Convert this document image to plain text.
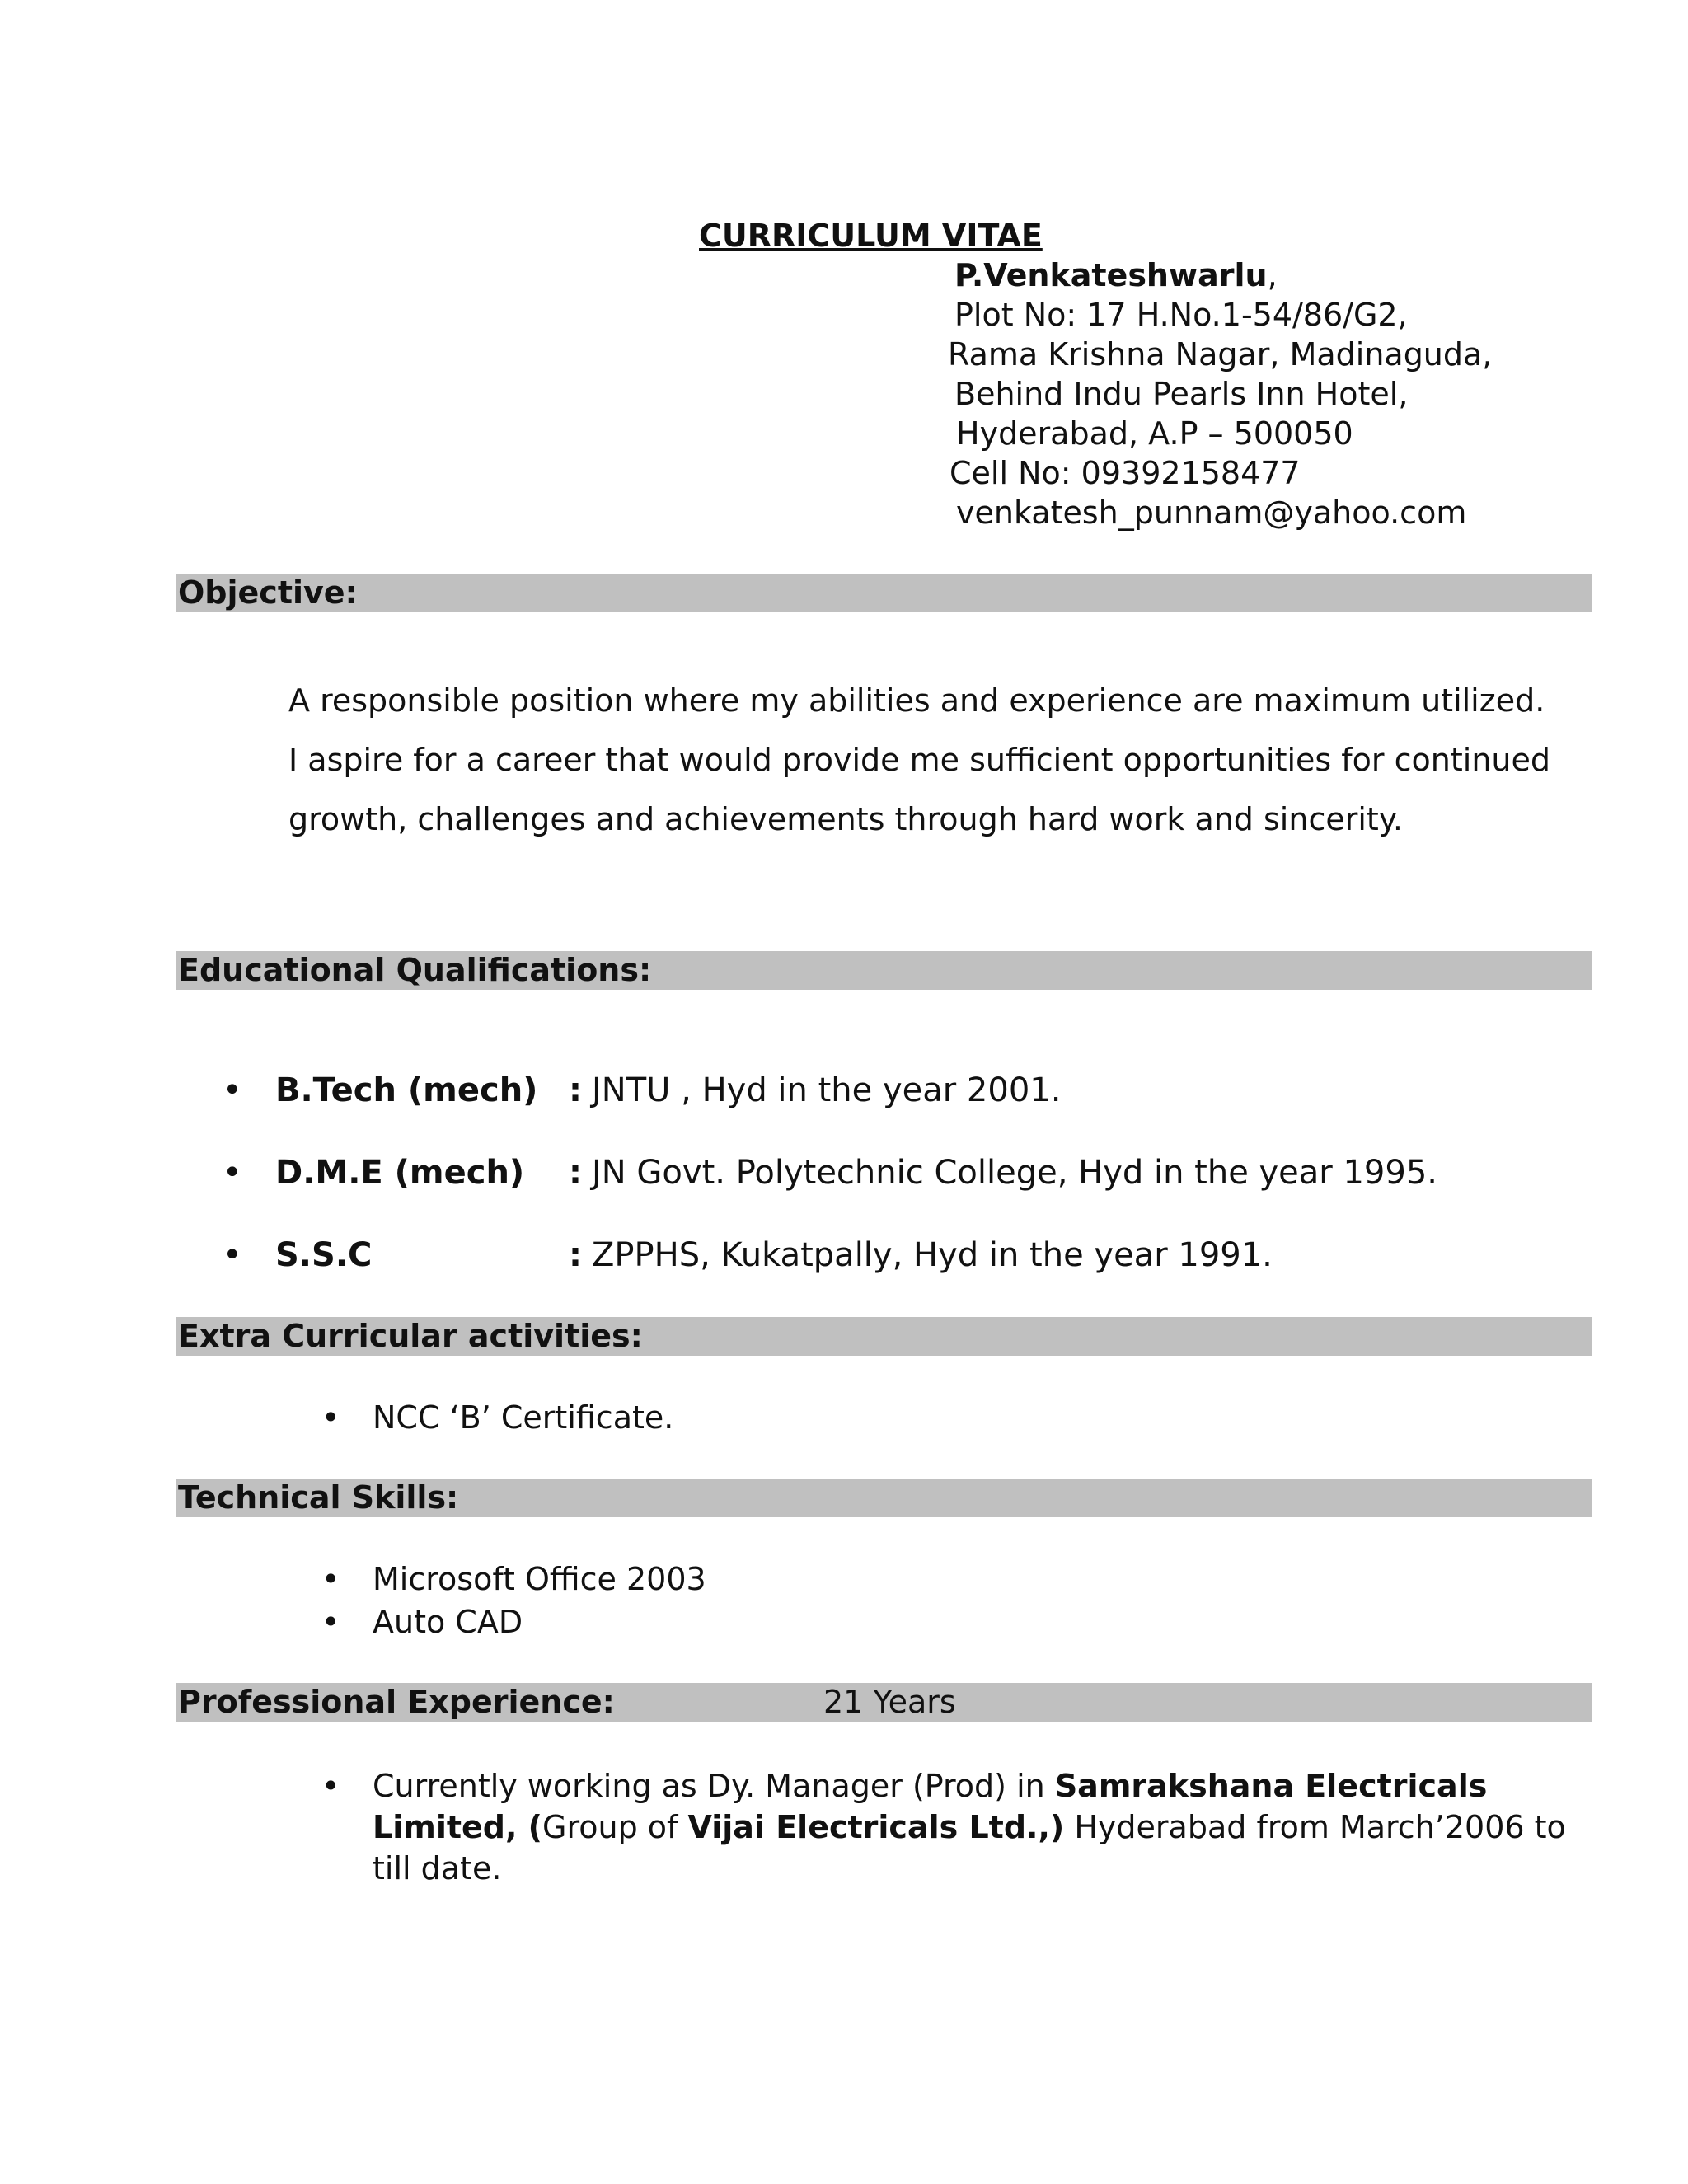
CURRICULUM VITAE
P.Venkateshwarlu,
Plot No: 17 H.No.1-54/86/G2,
Rama Krishna Nagar, Madinaguda,
Behind Indu Pearls Inn Hotel,
Hyderabad, A.P – 500050
Cell No: 09392158477
venkatesh_punnam@yahoo.com
Objective:
A responsible position where my abilities and experience are maximum utilized. I aspire for a career that would provide me sufficient opportunities for continued growth, challenges and achievements through hard work and sincerity.
Educational Qualifications:
• B.Tech (mech) : JNTU , Hyd in the year 2001.
• D.M.E (mech) : JN Govt. Polytechnic College, Hyd in the year 1995.
• S.S.C	: ZPPHS, Kukatpally, Hyd in the year 1991.
Extra Curricular activities:
• NCC ‘B’ Certificate.
Technical Skills:
• Microsoft Office 2003
• Auto CAD
Professional Experience:	21 Years
• Currently working as Dy. Manager (Prod) in Samrakshana Electricals Limited, (Group of Vijai Electricals Ltd.,) Hyderabad from March’2006 to till date.
